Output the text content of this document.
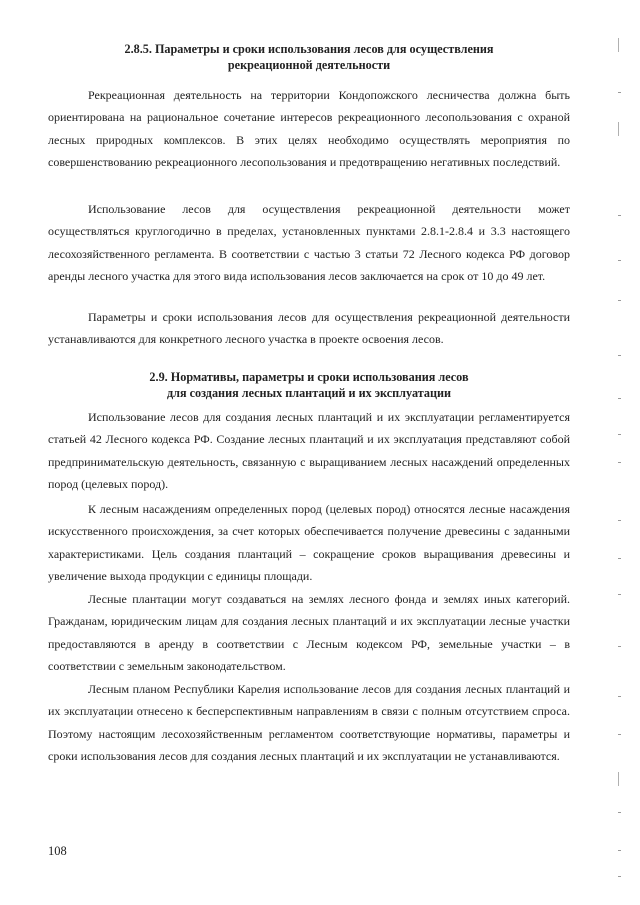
2.8.5. Параметры и сроки использования лесов для осуществления
рекреационной деятельности

Рекреационная деятельность на территории Кондопожского лесничества должна быть ориентирована на рациональное сочетание интересов рекреационного лесопользования с охраной лесных природных комплексов. В этих целях необходимо осуществлять мероприятия по совершенствованию рекреационного лесопользования и предотвращению негативных последствий.

Использование лесов для осуществления рекреационной деятельности может осуществляться круглогодично в пределах, установленных пунктами 2.8.1-2.8.4 и 3.3 настоящего лесохозяйственного регламента. В соответствии с частью 3 статьи 72 Лесного кодекса РФ договор аренды лесного участка для этого вида использования лесов заключается на срок от 10 до 49 лет.

Параметры и сроки использования лесов для осуществления рекреационной деятельности устанавливаются для конкретного лесного участка в проекте освоения лесов.

2.9. Нормативы, параметры и сроки использования лесов
для создания лесных плантаций и их эксплуатации

Использование лесов для создания лесных плантаций и их эксплуатации регламентируется статьей 42 Лесного кодекса РФ. Создание лесных плантаций и их эксплуатация представляют собой предпринимательскую деятельность, связанную с выращиванием лесных насаждений определенных пород (целевых пород).

К лесным насаждениям определенных пород (целевых пород) относятся лесные насаждения искусственного происхождения, за счет которых обеспечивается получение древесины с заданными характеристиками. Цель создания плантаций – сокращение сроков выращивания древесины и увеличение выхода продукции с единицы площади.

Лесные плантации могут создаваться на землях лесного фонда и землях иных категорий. Гражданам, юридическим лицам для создания лесных плантаций и их эксплуатации лесные участки предоставляются в аренду в соответствии с Лесным кодексом РФ, земельные участки – в соответствии с земельным законодательством.

Лесным планом Республики Карелия использование лесов для создания лесных плантаций и их эксплуатации отнесено к бесперспективным направлениям в связи с полным отсутствием спроса. Поэтому настоящим лесохозяйственным регламентом соответствующие нормативы, параметры и сроки использования лесов для создания лесных плантаций и их эксплуатации не устанавливаются.

108
